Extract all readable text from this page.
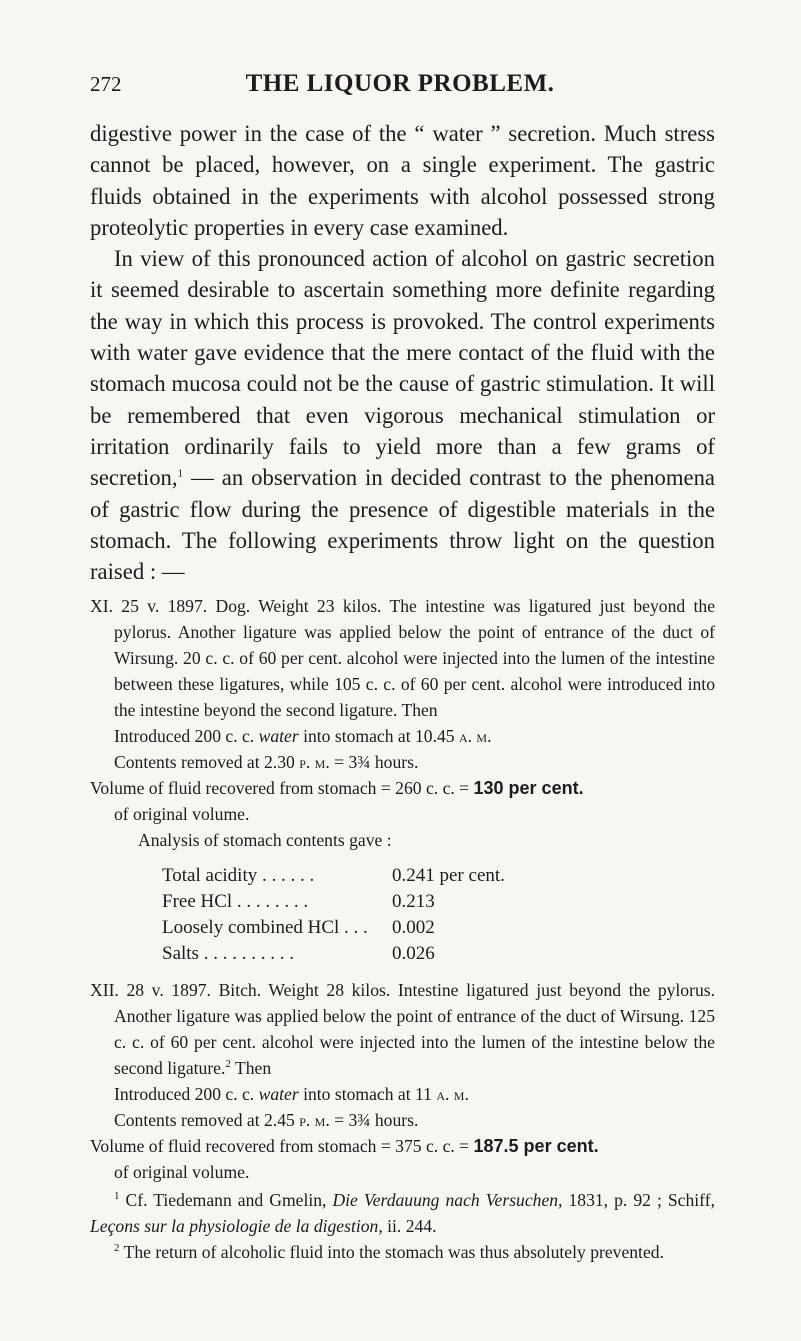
272	THE LIQUOR PROBLEM.

digestive power in the case of the “ water ” secretion. Much stress cannot be placed, however, on a single experiment. The gastric fluids obtained in the experiments with alcohol possessed strong proteolytic properties in every case examined.

In view of this pronounced action of alcohol on gastric secretion it seemed desirable to ascertain something more definite regarding the way in which this process is provoked. The control experiments with water gave evidence that the mere contact of the fluid with the stomach mucosa could not be the cause of gastric stimulation. It will be remembered that even vigorous mechanical stimulation or irritation ordinarily fails to yield more than a few grams of secretion,$^1$ — an observation in decided contrast to the phenomena of gastric flow during the presence of digestible materials in the stomach. The following experiments throw light on the question raised : —

XI. 25 v. 1897. Dog. Weight 23 kilos. The intestine was ligatured just beyond the pylorus. Another ligature was applied below the point of entrance of the duct of Wirsung. 20 c. c. of 60 per cent. alcohol were injected into the lumen of the intestine between these ligatures, while 105 c. c. of 60 per cent. alcohol were introduced into the intestine beyond the second ligature. Then

Introduced 200 c. c. water into stomach at 10.45 a. m.

Contents removed at 2.30 p. m. = 3¾ hours.

Volume of fluid recovered from stomach = 260 c. c. = 130 per cent.

of original volume.

Analysis of stomach contents gave :

Total acidity . . . . . .	0.241 per cent.
Free HCl . . . . . . . .	0.213
Loosely combined HCl . . .	0.002
Salts . . . . . . . . . .	0.026

XII. 28 v. 1897. Bitch. Weight 28 kilos. Intestine ligatured just beyond the pylorus. Another ligature was applied below the point of entrance of the duct of Wirsung. 125 c. c. of 60 per cent. alcohol were injected into the lumen of the intestine below the second ligature.$^2$ Then

Introduced 200 c. c. water into stomach at 11 a. m.

Contents removed at 2.45 p. m. = 3¾ hours.

Volume of fluid recovered from stomach = 375 c. c. = 187.5 per cent.

of original volume.

$^1$ Cf. Tiedemann and Gmelin, Die Verdauung nach Versuchen, 1831, p. 92 ; Schiff, Leçons sur la physiologie de la digestion, ii. 244.

$^2$ The return of alcoholic fluid into the stomach was thus absolutely prevented.
